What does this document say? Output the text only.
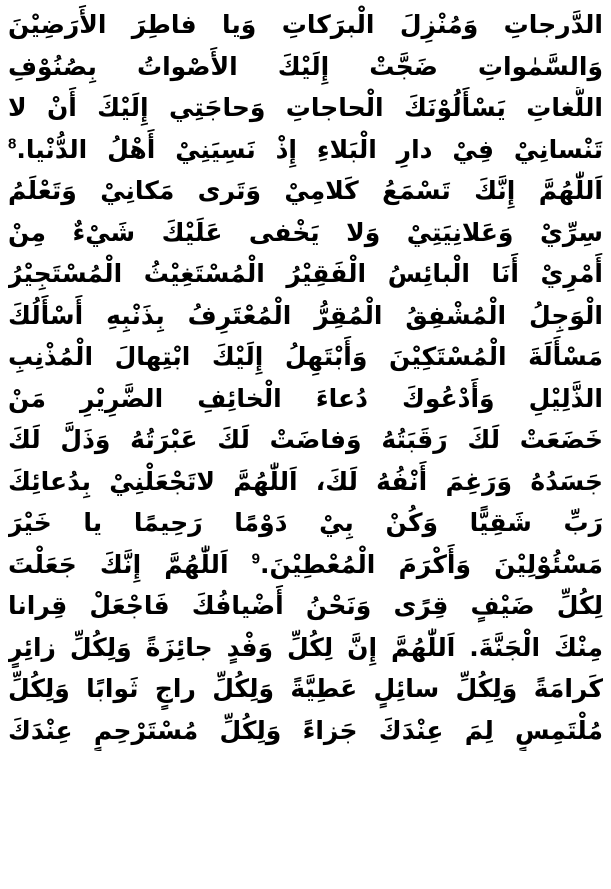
الدَّرجاتِ وَمُنْزِلَ الْبرَكاتِ وَيا فاطِرَ الأَرَضِيْنَ
وَالسَّمٰواتِ ضَجَّتْ إِلَيْكَ الأَصْواتُ بِصُنُوْفِ
اللُّغاتِ يَسْأَلُوْنَكَ الْحاجاتِ وَحاجَتِي إِلَيْكَ أَنْ لا
تَنْسانِيْ فِيْ دارِ الْبَلاءِ إِذْ نَسِيَنِيْ أَهْلُ الدُّنْيا.$^8$
اَللّٰهُمَّ إِنَّكَ تَسْمَعُ كَلامِيْ وَتَرى مَكانِيْ وَتَعْلَمُ
سِرِّيْ وَعَلانِيَتِيْ وَلا يَخْفى عَلَيْكَ شَيْءٌ مِنْ
أَمْرِيْ أَنَا الْبائِسُ الْفَقِيْرُ الْمُسْتَغِيْثُ الْمُسْتَجِيْرُ
الْوَجِلُ الْمُشْفِقُ الْمُقِرُّ الْمُعْتَرِفُ بِذَنْبِهِ أَسْأَلُكَ
مَسْأَلَةَ الْمُسْتَكِيْنَ وَأَبْتَهِلُ إِلَيْكَ ابْتِهالَ الْمُذْنِبِ
الذَّلِيْلِ وَأَدْعُوكَ دُعاءَ الْخائِفِ الضَّرِيْرِ مَنْ
خَضَعَتْ لَكَ رَقَبَتُهُ وَفاضَتْ لَكَ عَبْرَتُهُ وَذَلَّ لَكَ
جَسَدُهُ وَرَغِمَ أَنْفُهُ لَكَ، اَللّٰهُمَّ لاتَجْعَلْنِيْ بِدُعائِكَ
رَبِّ شَقِيًّا وَكُنْ بِيْ دَوْمًا رَحِيمًا يا خَيْرَ
مَسْئُوْلِيْنَ وَأَكْرَمَ الْمُعْطِيْنَ.$^9$ اَللّٰهُمَّ إِنَّكَ جَعَلْتَ
لِكُلِّ ضَيْفٍ قِرًى وَنَحْنُ أَضْيافُكَ فَاجْعَلْ قِرانا
مِنْكَ الْجَنَّةَ. اَللّٰهُمَّ إِنَّ لِكُلِّ وَفْدٍ جائِزَةً وَلِكُلِّ زائِرٍ
كَرامَةً وَلِكُلِّ سائِلٍ عَطِيَّةً وَلِكُلِّ راجٍ ثَوابًا وَلِكُلِّ
مُلْتَمِسٍ لِمَ عِنْدَكَ جَزاءً وَلِكُلِّ مُسْتَرْحِمٍ عِنْدَكَ
